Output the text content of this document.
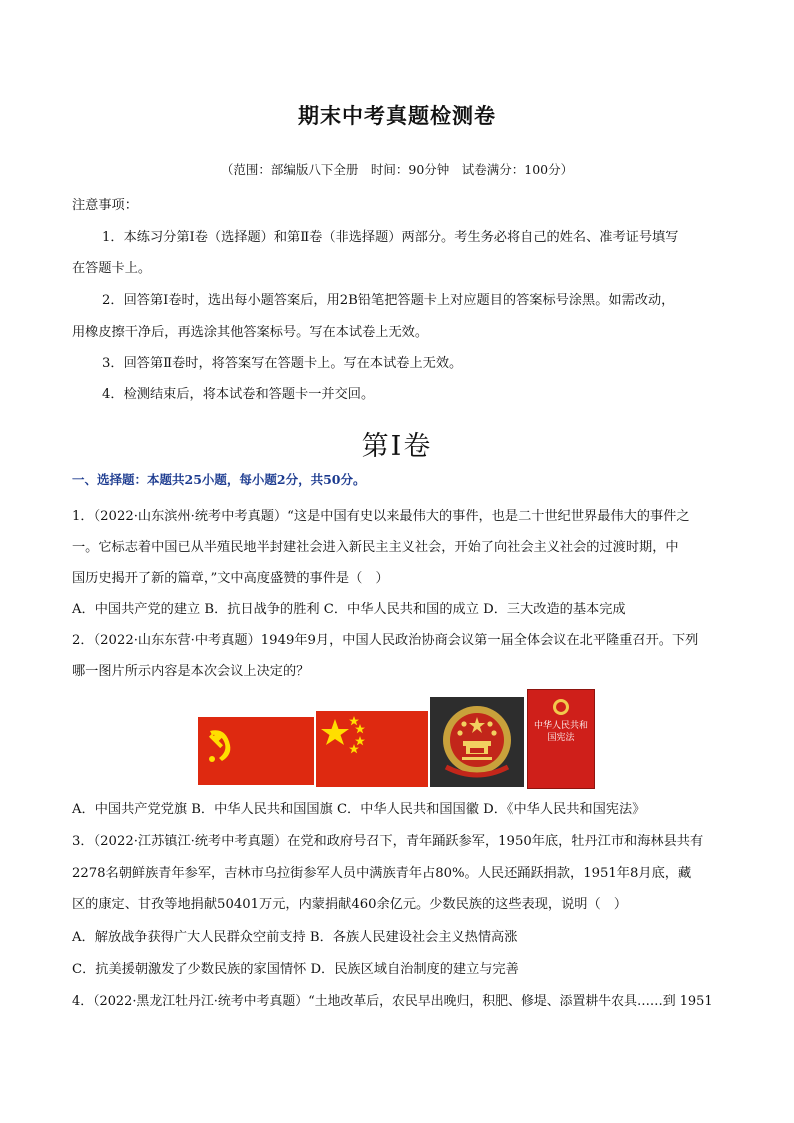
期末中考真题检测卷
（范围：部编版八下全册　时间：90分钟　试卷满分：100分）
注意事项：
1．本练习分第Ⅰ卷（选择题）和第Ⅱ卷（非选择题）两部分。考生务必将自己的姓名、准考证号填写
在答题卡上。
2．回答第Ⅰ卷时，选出每小题答案后，用2B铅笔把答题卡上对应题目的答案标号涂黑。如需改动，
用橡皮擦干净后，再选涂其他答案标号。写在本试卷上无效。
3．回答第Ⅱ卷时，将答案写在答题卡上。写在本试卷上无效。
4．检测结束后，将本试卷和答题卡一并交回。
第Ⅰ卷
一、选择题：本题共25小题，每小题2分，共50分。
1．（2022·山东滨州·统考中考真题）“这是中国有史以来最伟大的事件，也是二十世纪世界最伟大的事件之
一。它标志着中国已从半殖民地半封建社会进入新民主主义社会，开始了向社会主义社会的过渡时期，中
国历史揭开了新的篇章，”文中高度盛赞的事件是（　）
A．中国共产党的建立 B．抗日战争的胜利 C．中华人民共和国的成立 D．三大改造的基本完成
2．（2022·山东东营·中考真题）1949年9月，中国人民政治协商会议第一届全体会议在北平隆重召开。下列
哪一图片所示内容是本次会议上决定的？
中华人民共和国宪法
A．中国共产党党旗 B．中华人民共和国国旗 C．中华人民共和国国徽 D．《中华人民共和国宪法》
3．（2022·江苏镇江·统考中考真题）在党和政府号召下，青年踊跃参军，1950年底，牡丹江市和海林县共有
2278名朝鲜族青年参军，吉林市乌拉街参军人员中满族青年占80%。人民还踊跃捐款，1951年8月底，藏
区的康定、甘孜等地捐献50401万元，内蒙捐献460余亿元。少数民族的这些表现，说明（　）
A．解放战争获得广大人民群众空前支持 B．各族人民建设社会主义热情高涨
C．抗美援朝激发了少数民族的家国情怀 D．民族区域自治制度的建立与完善
4．（2022·黑龙江牡丹江·统考中考真题）“土地改革后，农民早出晚归，积肥、修堤、添置耕牛农具……到 1951
